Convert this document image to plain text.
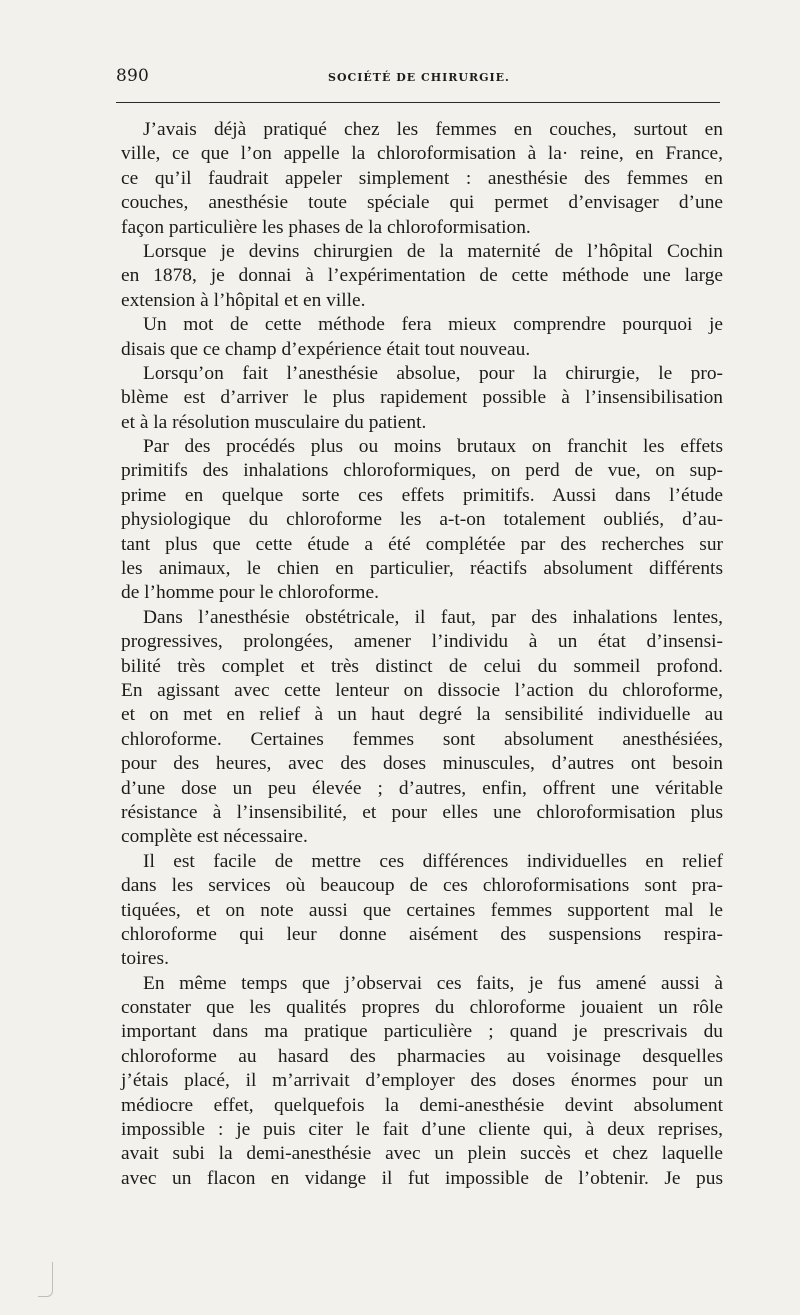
890	SOCIÉTÉ DE CHIRURGIE.
J’avais déjà pratiqué chez les femmes en couches, surtout en
ville, ce que l’on appelle la chloroformisation à la· reine, en France,
ce qu’il faudrait appeler simplement : anesthésie des femmes en
couches, anesthésie toute spéciale qui permet d’envisager d’une
façon particulière les phases de la chloroformisation.
Lorsque je devins chirurgien de la maternité de l’hôpital Cochin
en 1878, je donnai à l’expérimentation de cette méthode une large
extension à l’hôpital et en ville.
Un mot de cette méthode fera mieux comprendre pourquoi je
disais que ce champ d’expérience était tout nouveau.
Lorsqu’on fait l’anesthésie absolue, pour la chirurgie, le pro-
blème est d’arriver le plus rapidement possible à l’insensibilisation
et à la résolution musculaire du patient.
Par des procédés plus ou moins brutaux on franchit les effets
primitifs des inhalations chloroformiques, on perd de vue, on sup-
prime en quelque sorte ces effets primitifs. Aussi dans l’étude
physiologique du chloroforme les a-t-on totalement oubliés, d’au-
tant plus que cette étude a été complétée par des recherches sur
les animaux, le chien en particulier, réactifs absolument différents
de l’homme pour le chloroforme.
Dans l’anesthésie obstétricale, il faut, par des inhalations lentes,
progressives, prolongées, amener l’individu à un état d’insensi-
bilité très complet et très distinct de celui du sommeil profond.
En agissant avec cette lenteur on dissocie l’action du chloroforme,
et on met en relief à un haut degré la sensibilité individuelle au
chloroforme. Certaines femmes sont absolument anesthésiées,
pour des heures, avec des doses minuscules, d’autres ont besoin
d’une dose un peu élevée ; d’autres, enfin, offrent une véritable
résistance à l’insensibilité, et pour elles une chloroformisation plus
complète est nécessaire.
Il est facile de mettre ces différences individuelles en relief
dans les services où beaucoup de ces chloroformisations sont pra-
tiquées, et on note aussi que certaines femmes supportent mal le
chloroforme qui leur donne aisément des suspensions respira-
toires.
En même temps que j’observai ces faits, je fus amené aussi à
constater que les qualités propres du chloroforme jouaient un rôle
important dans ma pratique particulière ; quand je prescrivais du
chloroforme au hasard des pharmacies au voisinage desquelles
j’étais placé, il m’arrivait d’employer des doses énormes pour un
médiocre effet, quelquefois la demi-anesthésie devint absolument
impossible : je puis citer le fait d’une cliente qui, à deux reprises,
avait subi la demi-anesthésie avec un plein succès et chez laquelle
avec un flacon en vidange il fut impossible de l’obtenir. Je pus
